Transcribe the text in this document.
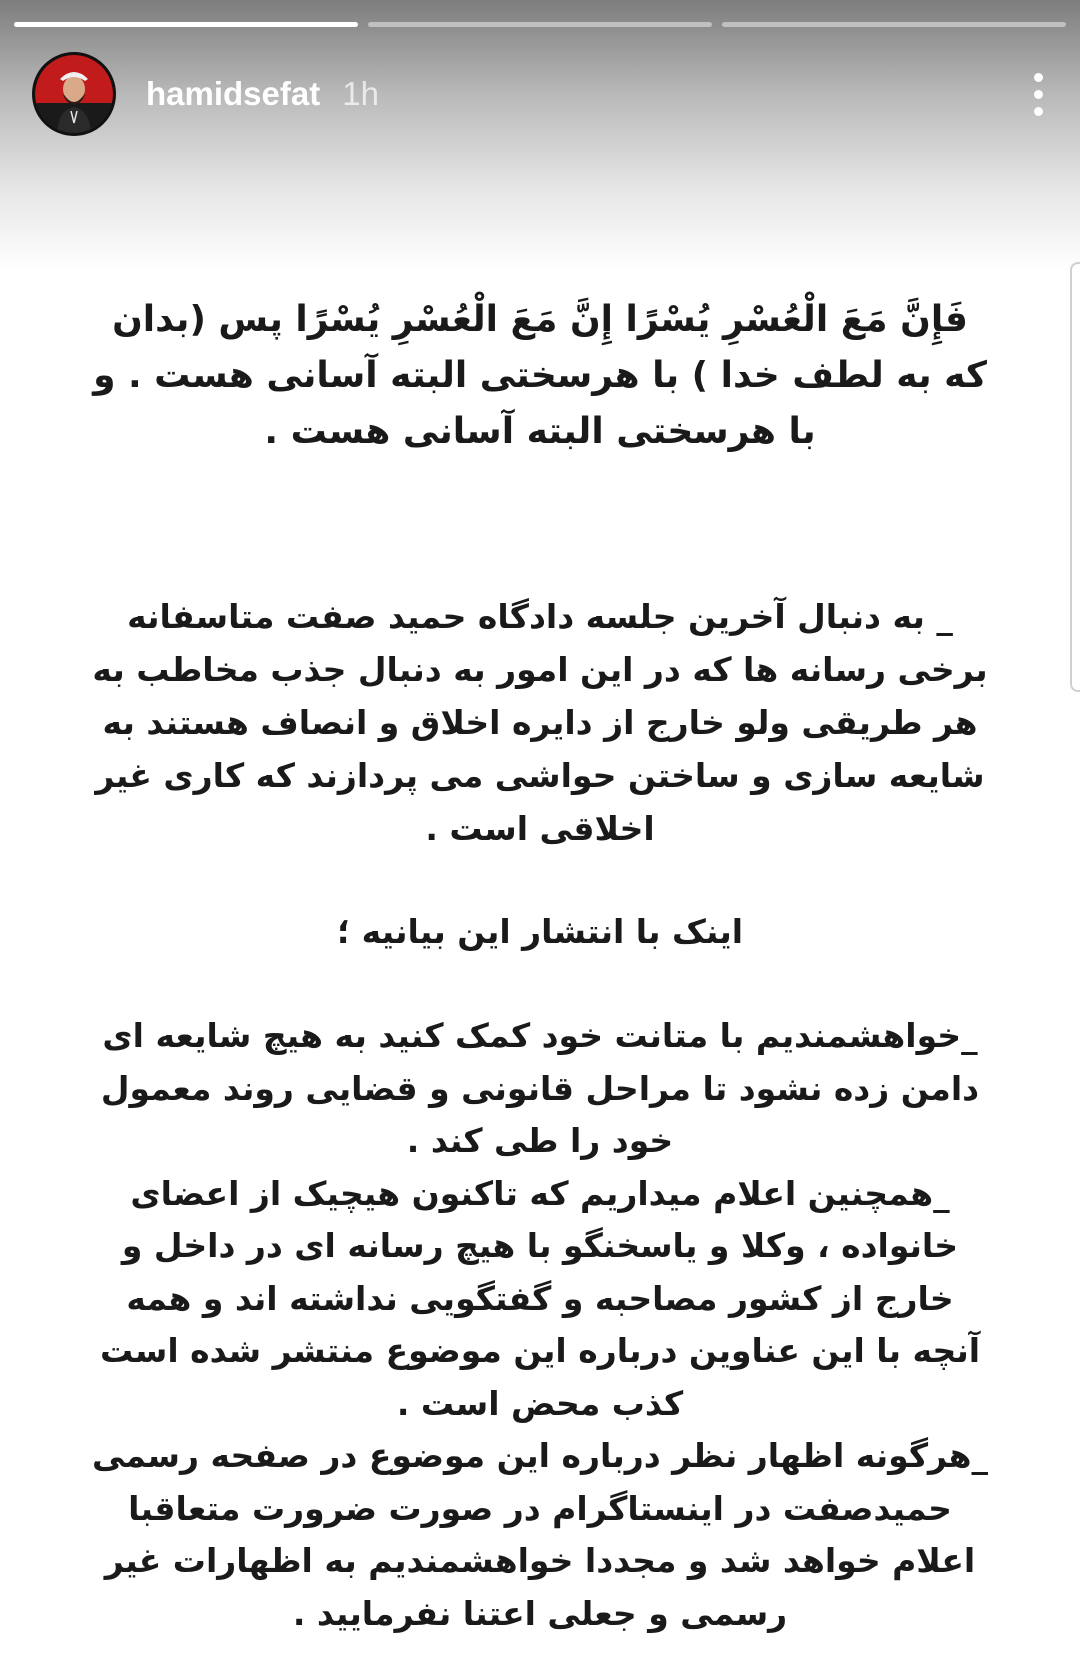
hamidsefat 1h
فَإِنَّ مَعَ الْعُسْرِ يُسْرًا إِنَّ مَعَ الْعُسْرِ يُسْرًا پس (بدان که به لطف خدا ) با هرسختی البته آسانی هست . و با هرسختی البته آسانی هست .
_ به دنبال آخرین جلسه دادگاه حمید صفت متاسفانه برخی رسانه ها که در این امور به دنبال جذب مخاطب به هر طریقی ولو خارج از دایره اخلاق و انصاف هستند به شایعه سازی و ساختن حواشی می پردازند که کاری غیر اخلاقی است .
اینک با انتشار این بیانیه ؛

_خواهشمندیم با متانت خود کمک کنید به هیچ شایعه ای دامن زده نشود تا مراحل قانونی و قضایی روند معمول خود را طی کند .

_همچنین اعلام میداریم که تاکنون هیچیک از اعضای خانواده ، وکلا و یاسخنگو با هیچ رسانه ای در داخل و خارج از کشور مصاحبه و گفتگویی نداشته اند و همه آنچه با این عناوین درباره این موضوع منتشر شده است کذب محض است .

_هرگونه اظهار نظر درباره این موضوع در صفحه رسمی حمیدصفت در اینستاگرام در صورت ضرورت متعاقبا اعلام خواهد شد و مجددا خواهشمندیم به اظهارات غیر رسمی و جعلی اعتنا نفرمایید .
